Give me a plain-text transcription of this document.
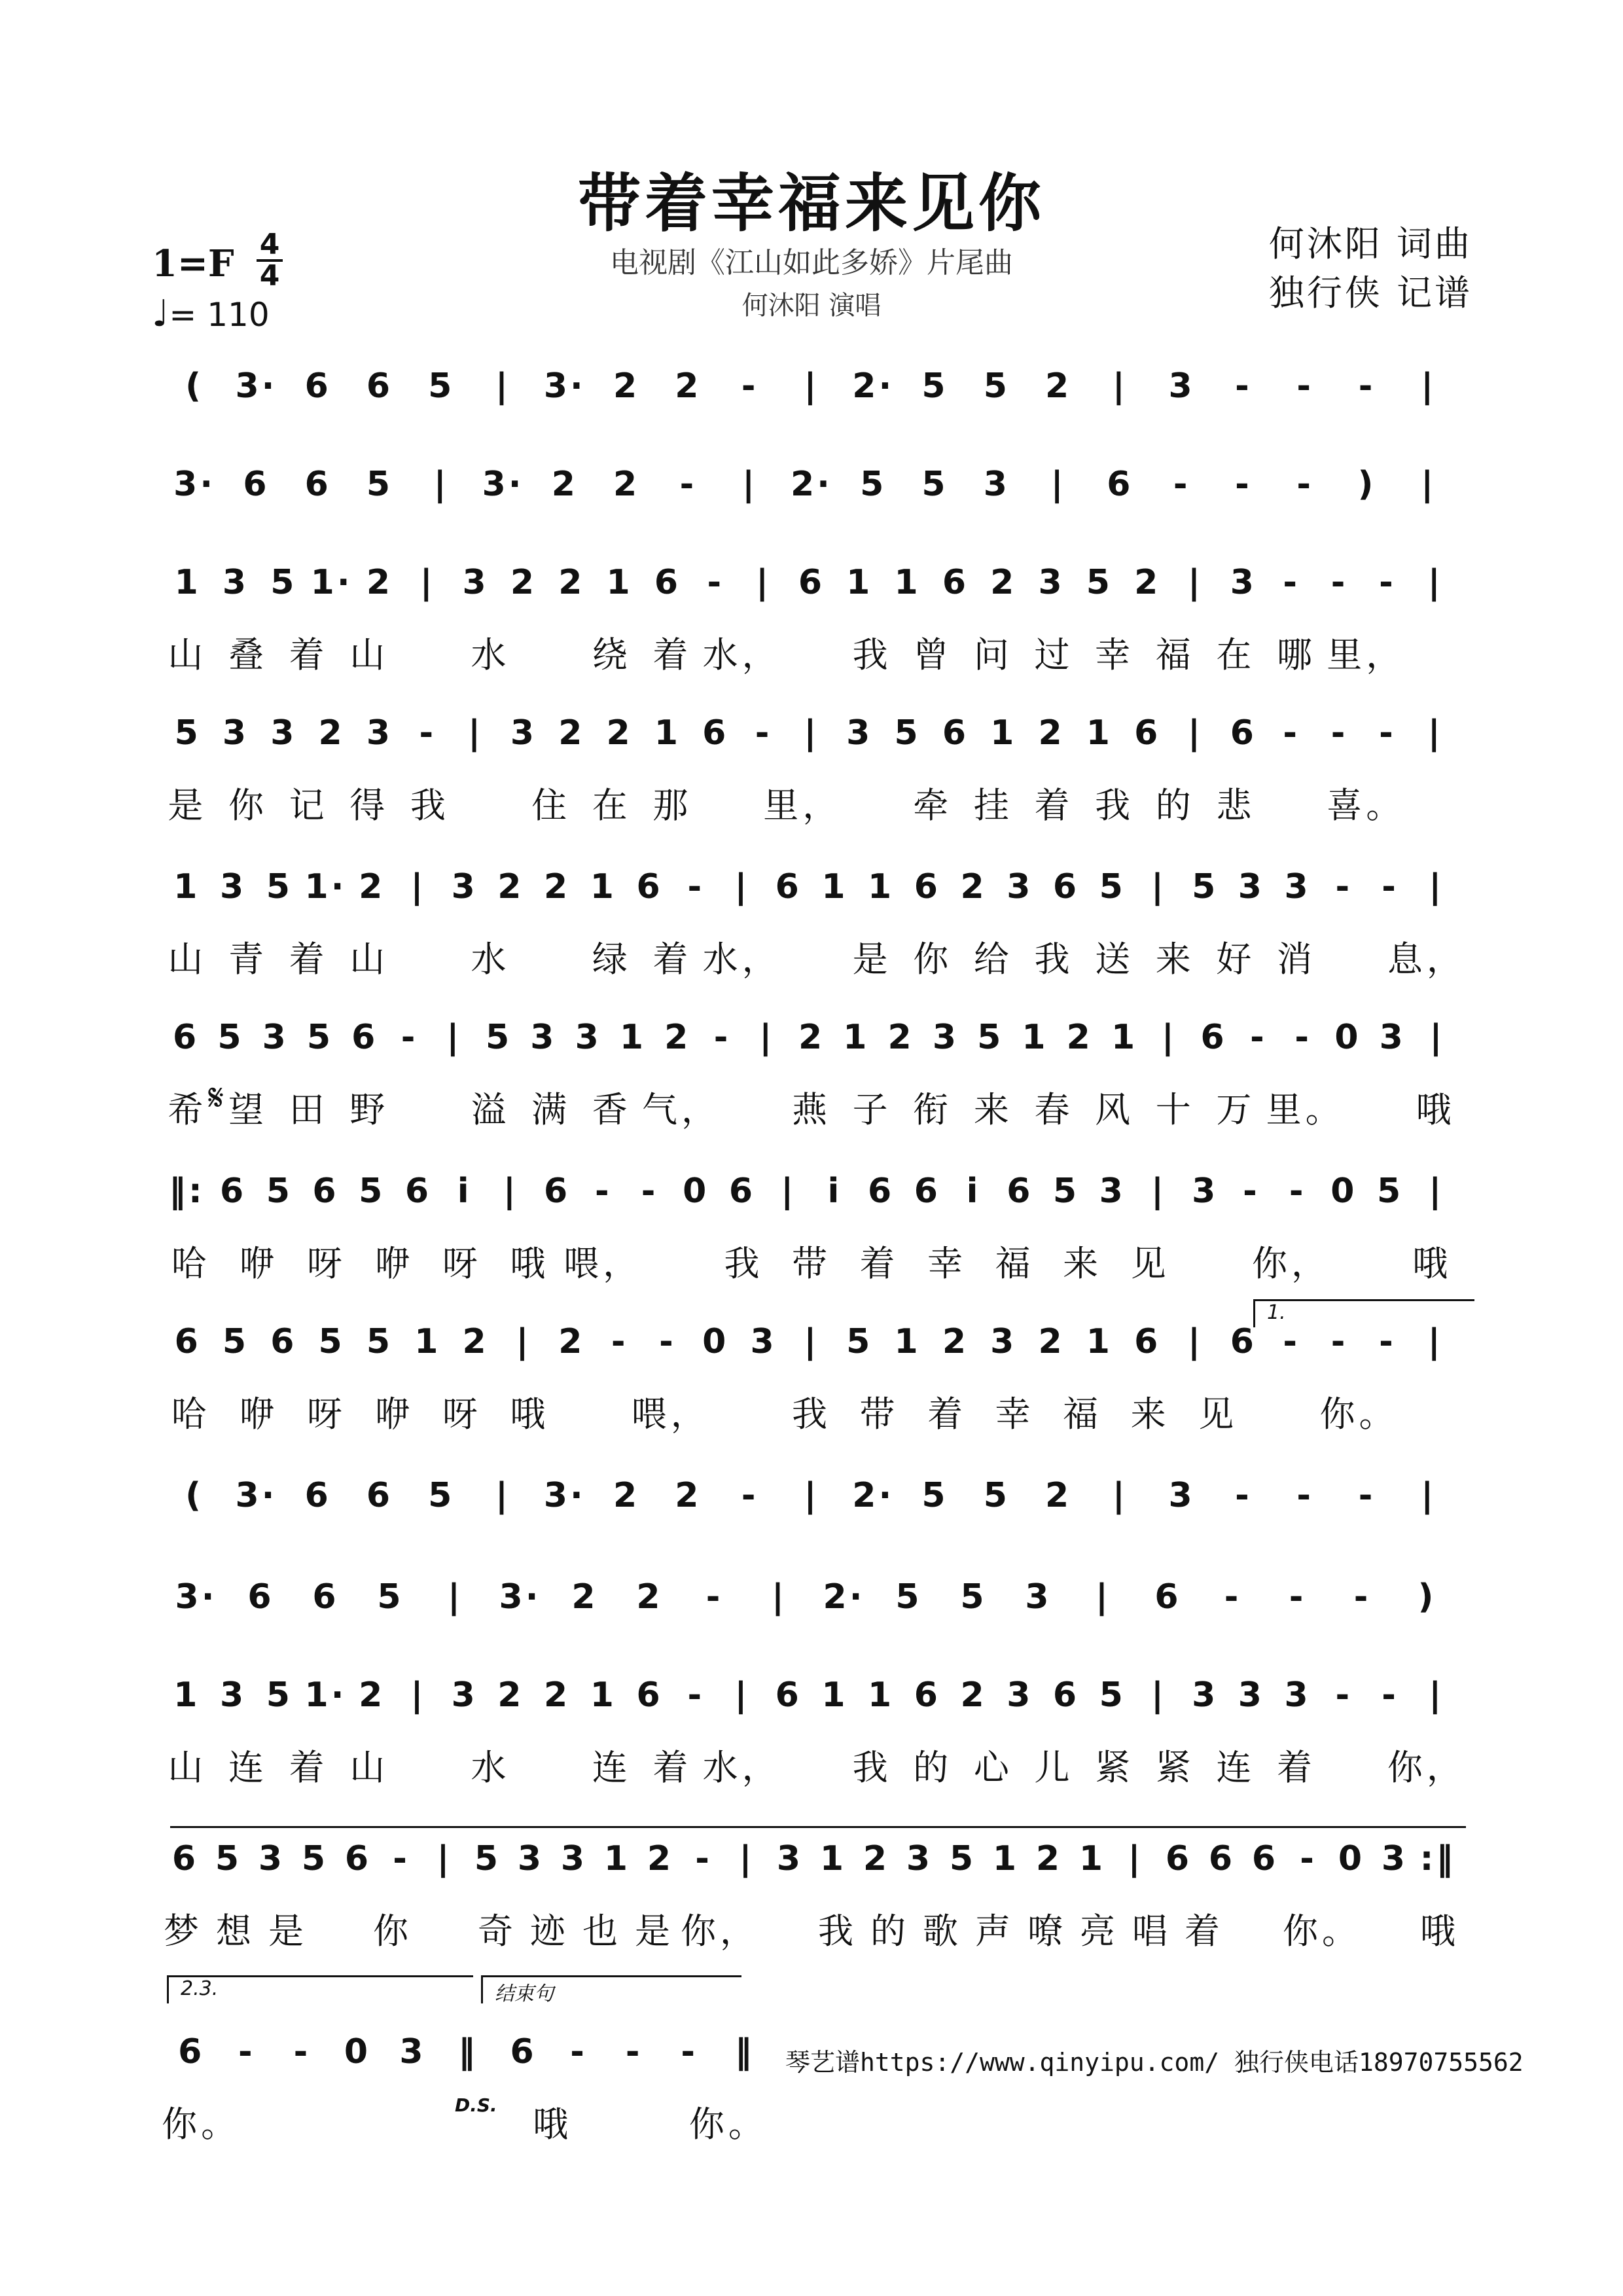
带着幸福来见你
电视剧《江山如此多娇》片尾曲
何沐阳 演唱
何沐阳 词曲
独行侠 记谱
1=F 4
4
♩= 110
( 3· 6	6	5	| 3· 2	2	-	| 2· 5	5	2	|	3	-	-	-	|
3· 6	6	5	| 3· 2	2	-	| 2· 5	5	3	|	6	-	-	-	)	|
1 3 5 1· 2 | 3 2 2 1 6 - | 6 1 1 6 2 3 5 2 | 3 - - - |
山 叠 着 山	水	绕 着 水，	我 曾 问 过 幸 福 在 哪 里，
5 3 3 2 3 - | 3 2 2 1 6 - | 3 5 6 1 2 1 6 | 6 - - - |
是 你 记 得 我	住 在 那	里，	牵 挂 着 我 的 悲	喜。
1 3 5 1· 2 | 3 2 2 1 6 - | 6 1 1 6 2 3 6 5 | 5 3 3 - - |
山 青 着 山	水	绿 着 水，	是 你 给 我 送 来 好 消	息，
6 5 3 5 6 - | 5 3 3 1 2 - | 2 1 2 3 5 1 2 1 | 6 - - 0 3 |
希 望 田 野	溢 满 香 气，	燕 子 衔 来 春 风 十 万 里。	哦
‖: 6 5 6 5 6 i | 6 - - 0 6 | i 6 6 i 6 5 3 | 3 - - 0 5 |
哈 咿 呀 咿 呀 哦 喂，	我 带 着 幸 福 来 见	你，	哦
6 5 6 5 5 1 2 | 2 - - 0 3 | 5 1 2 3 2 1 6 | 6 - - - |
哈 咿 呀 咿 呀 哦	喂，	我 带 着 幸 福 来 见	你。
( 3· 6	6	5	| 3· 2	2	-	| 2· 5	5	2	|	3	-	-	-	|
3· 6	6	5	|	3· 2	2	-	|	2· 5	5	3	|	6	-	-	-	)
1 3 5 1· 2 | 3 2 2 1 6 - | 6 1 1 6 2 3 6 5 | 3 3 3 - - |
山 连 着 山	水	连 着 水，	我 的 心 儿 紧 紧 连 着	你，
6 5 3 5 6 - | 5 3 3 1 2 - | 3 1 2 3 5 1 2 1 | 6 6 6 - 0 3 :‖
梦 想 是 你 奇 迹 也 是 你， 我 的 歌 声 嘹 亮 唱 着 你。 哦
6 -	- 0 3 ‖ 6 -	-	-	‖
你。	哦	你。
𝄋
1.
2.3.	结束句
D.S.
琴艺谱https://www.qinyipu.com/ 独行侠电话18970755562
